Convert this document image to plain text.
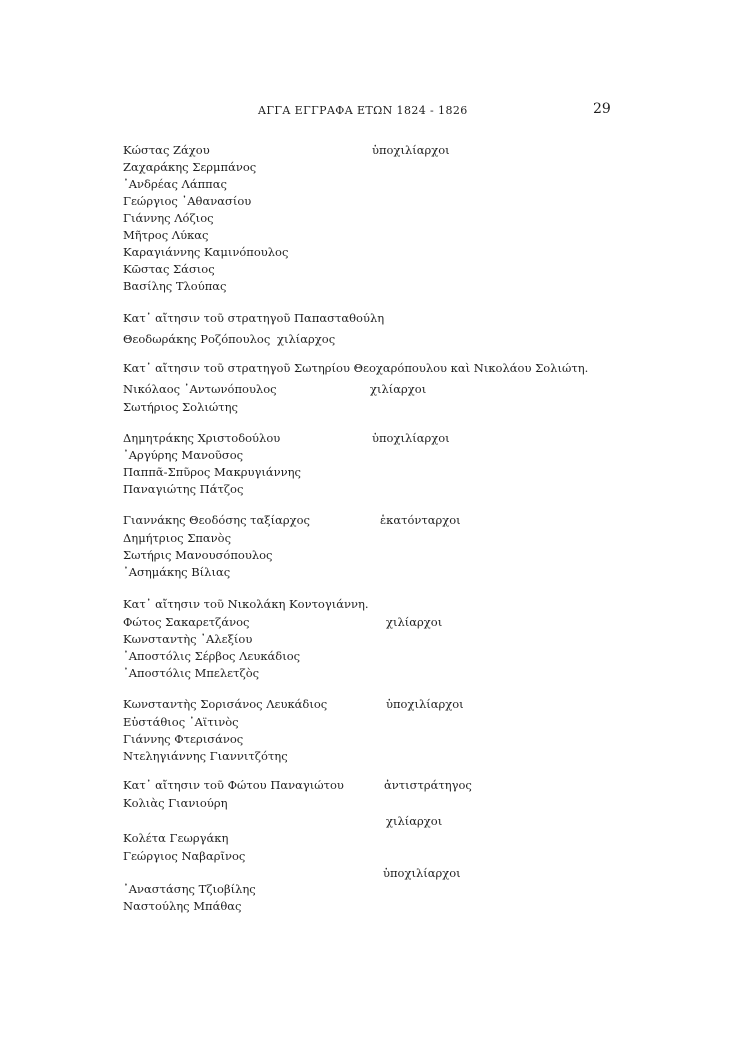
ΑΓΓΑ ΕΓΓΡΑΦΑ ΕΤΩΝ 1824 - 1826	29
Κώστας Ζάχου	ὑποχιλίαρχοι
Ζαχαράκης Σερμπάνος
᾿Ανδρέας Λάππας
Γεώργιος ᾿Αθανασίου
Γιάννης Λόζιος
Μῆτρος Λύκας
Καραγιάννης Καμινόπουλος
Κῶστας Σάσιος
Βασίλης Τλούπας
Κατ᾿ αἴτησιν τοῦ στρατηγοῦ Παπασταθούλη
Θεοδωράκης Ροζόπουλος χιλίαρχος
Κατ᾿ αἴτησιν τοῦ στρατηγοῦ Σωτηρίου Θεοχαρόπουλου καὶ Νικολάου Σολιώτη.
Νικόλαος ᾿Αντωνόπουλος	χιλίαρχοι
Σωτήριος Σολιώτης
Δημητράκης Χριστοδούλου	ὑποχιλίαρχοι
᾿Αργύρης Μανοῦσος
Παππᾶ-Σπῦρος Μακρυγιάννης
Παναγιώτης Πάτζος
Γιαννάκης Θεοδόσης ταξίαρχος	ἑκατόνταρχοι
Δημήτριος Σπανὸς
Σωτήρις Μανουσόπουλος
᾿Ασημάκης Βίλιας
Κατ᾿ αἴτησιν τοῦ Νικολάκη Κοντογιάννη.
Φώτος Σακαρετζάνος	χιλίαρχοι
Κωνσταντὴς ᾿Αλεξίου
᾿Αποστόλις Σέρβος Λευκάδιος
᾿Αποστόλις Μπελετζὸς
Κωνσταντὴς Σορισάνος Λευκάδιος	ὑποχιλίαρχοι
Εὐστάθιος ᾿Αϊτινὸς
Γιάννης Φτερισάνος
Ντεληγιάννης Γιαννιτζότης
Κατ᾿ αἴτησιν τοῦ Φώτου Παναγιώτου	ἀντιστράτηγος
Κολιὰς Γιανιούρη
χιλίαρχοι
Κολέτα Γεωργάκη
Γεώργιος Ναβαρῖνος
ὑποχιλίαρχοι
᾿Αναστάσης Τζιοβίλης
Ναστούλης Μπάθας
